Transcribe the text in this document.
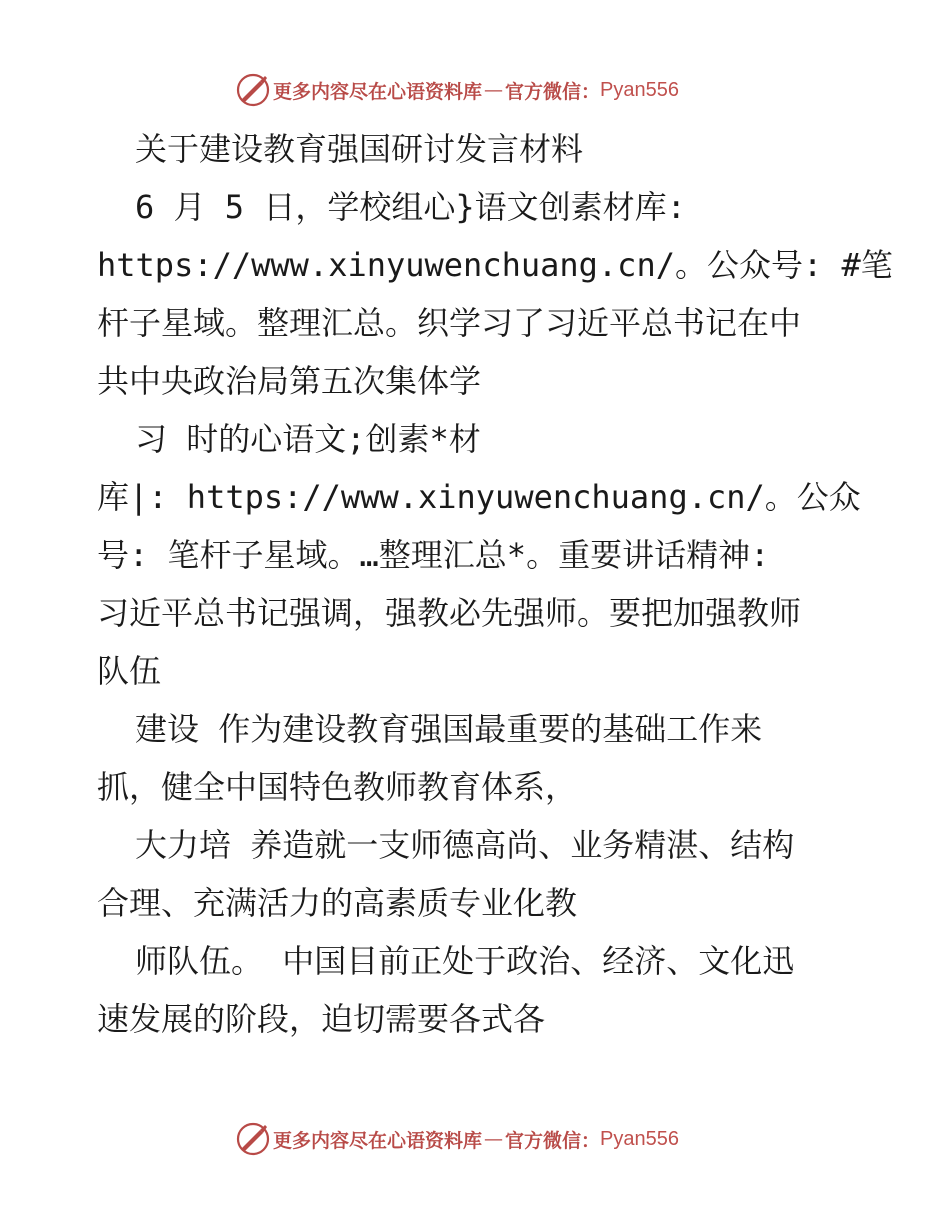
更多内容尽在心语资料库 — 官方微信： Pyan556

关于建设教育强国研讨发言材料

6 月 5 日，学校组心}语文创素材库:

https://www.xinyuwenchuang.cn/。公众号: #笔

杆子星域。整理汇总。织学习了习近平总书记在中

共中央政治局第五次集体学

习 时的心语文;创素*材

库|: https://www.xinyuwenchuang.cn/。公众

号: 笔杆子星域。…整理汇总*。重要讲话精神:

习近平总书记强调，强教必先强师。要把加强教师

队伍

建设 作为建设教育强国最重要的基础工作来

抓，健全中国特色教师教育体系，

大力培 养造就一支师德高尚、业务精湛、结构

合理、充满活力的高素质专业化教

师队伍。 中国目前正处于政治、经济、文化迅

速发展的阶段，迫切需要各式各

更多内容尽在心语资料库 — 官方微信： Pyan556
